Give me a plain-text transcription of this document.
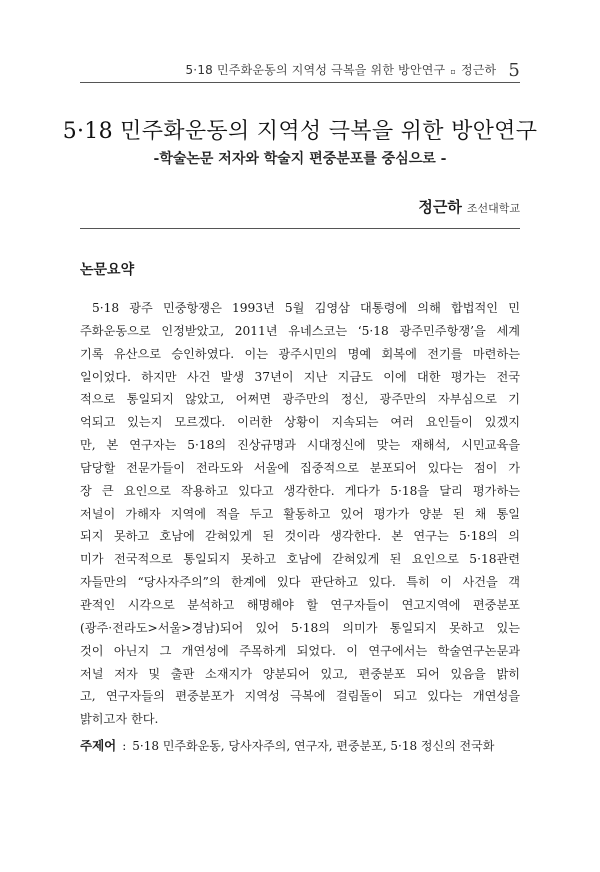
5·18 민주화운동의 지역성 극복을 위한 방안연구 ▫ 정근하 5
5·18 민주화운동의 지역성 극복을 위한 방안연구
-학술논문 저자와 학술지 편중분포를 중심으로 -
정근하 조선대학교
논문요약
5·18 광주 민중항쟁은 1993년 5월 김영삼 대통령에 의해 합법적인 민
주화운동으로 인정받았고, 2011년 유네스코는 ‘5·18 광주민주항쟁’을 세계
기록 유산으로 승인하였다. 이는 광주시민의 명예 회복에 전기를 마련하는
일이었다. 하지만 사건 발생 37년이 지난 지금도 이에 대한 평가는 전국
적으로 통일되지 않았고, 어쩌면 광주만의 정신, 광주만의 자부심으로 기
억되고 있는지 모르겠다. 이러한 상황이 지속되는 여러 요인들이 있겠지
만, 본 연구자는 5·18의 진상규명과 시대정신에 맞는 재해석, 시민교육을
담당할 전문가들이 전라도와 서울에 집중적으로 분포되어 있다는 점이 가
장 큰 요인으로 작용하고 있다고 생각한다. 게다가 5·18을 달리 평가하는
저널이 가해자 지역에 적을 두고 활동하고 있어 평가가 양분 된 채 통일
되지 못하고 호남에 갇혀있게 된 것이라 생각한다. 본 연구는 5·18의 의
미가 전국적으로 통일되지 못하고 호남에 갇혀있게 된 요인으로 5·18관련
자들만의 “당사자주의”의 한계에 있다 판단하고 있다. 특히 이 사건을 객
관적인 시각으로 분석하고 해명해야 할 연구자들이 연고지역에 편중분포
(광주·전라도>서울>경남)되어 있어 5·18의 의미가 통일되지 못하고 있는
것이 아닌지 그 개연성에 주목하게 되었다. 이 연구에서는 학술연구논문과
저널 저자 및 출판 소재지가 양분되어 있고, 편중분포 되어 있음을 밝히
고, 연구자들의 편중분포가 지역성 극복에 걸림돌이 되고 있다는 개연성을
밝히고자 한다.
주제어 : 5·18 민주화운동, 당사자주의, 연구자, 편중분포, 5·18 정신의 전국화
